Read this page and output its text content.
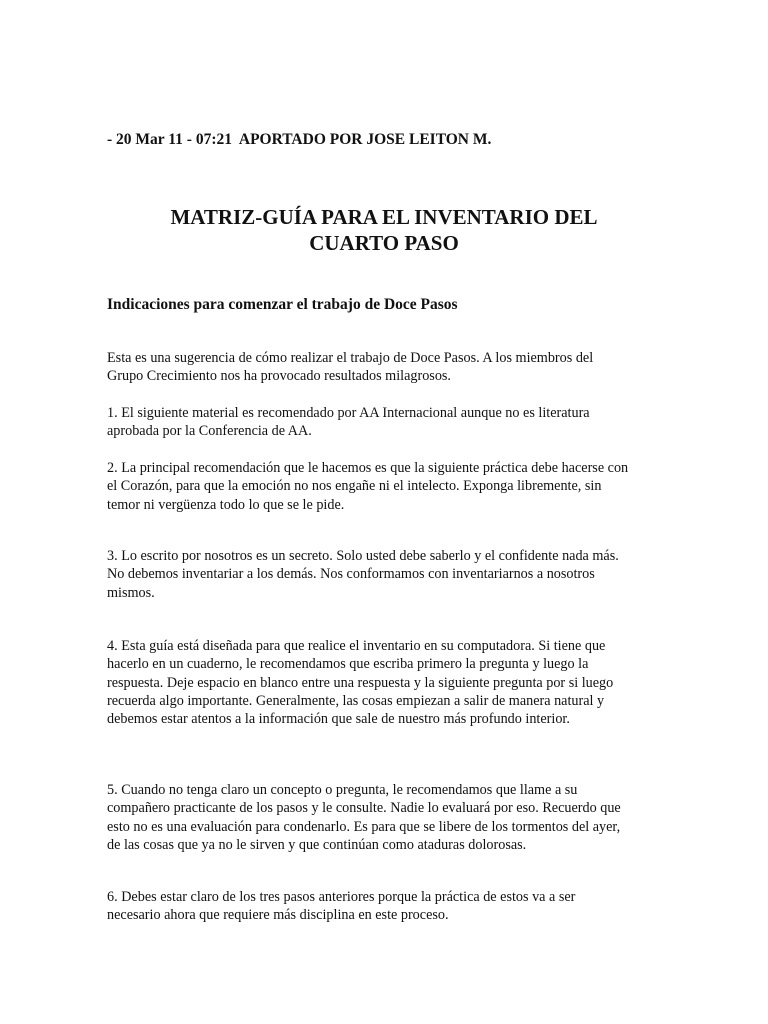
- 20 Mar 11 - 07:21  APORTADO POR JOSE LEITON M.

MATRIZ-GUÍA PARA EL INVENTARIO DEL
CUARTO PASO
Indicaciones para comenzar el trabajo de Doce Pasos

Esta es una sugerencia de cómo realizar el trabajo de Doce Pasos. A los miembros del
Grupo Crecimiento nos ha provocado resultados milagrosos.

1. El siguiente material es recomendado por AA Internacional aunque no es literatura
aprobada por la Conferencia de AA.

2. La principal recomendación que le hacemos es que la siguiente práctica debe hacerse con
el Corazón, para que la emoción no nos engañe ni el intelecto. Exponga libremente, sin
temor ni vergüenza todo lo que se le pide.

3. Lo escrito por nosotros es un secreto. Solo usted debe saberlo y el confidente nada más.
No debemos inventariar a los demás. Nos conformamos con inventariarnos a nosotros
mismos.

4. Esta guía está diseñada para que realice el inventario en su computadora. Si tiene que
hacerlo en un cuaderno, le recomendamos que escriba primero la pregunta y luego la
respuesta. Deje espacio en blanco entre una respuesta y la siguiente pregunta por si luego
recuerda algo importante. Generalmente, las cosas empiezan a salir de manera natural y
debemos estar atentos a la información que sale de nuestro más profundo interior.

5. Cuando no tenga claro un concepto o pregunta, le recomendamos que llame a su
compañero practicante de los pasos y le consulte. Nadie lo evaluará por eso. Recuerdo que
esto no es una evaluación para condenarlo. Es para que se libere de los tormentos del ayer,
de las cosas que ya no le sirven y que continúan como ataduras dolorosas.

6. Debes estar claro de los tres pasos anteriores porque la práctica de estos va a ser
necesario ahora que requiere más disciplina en este proceso.
